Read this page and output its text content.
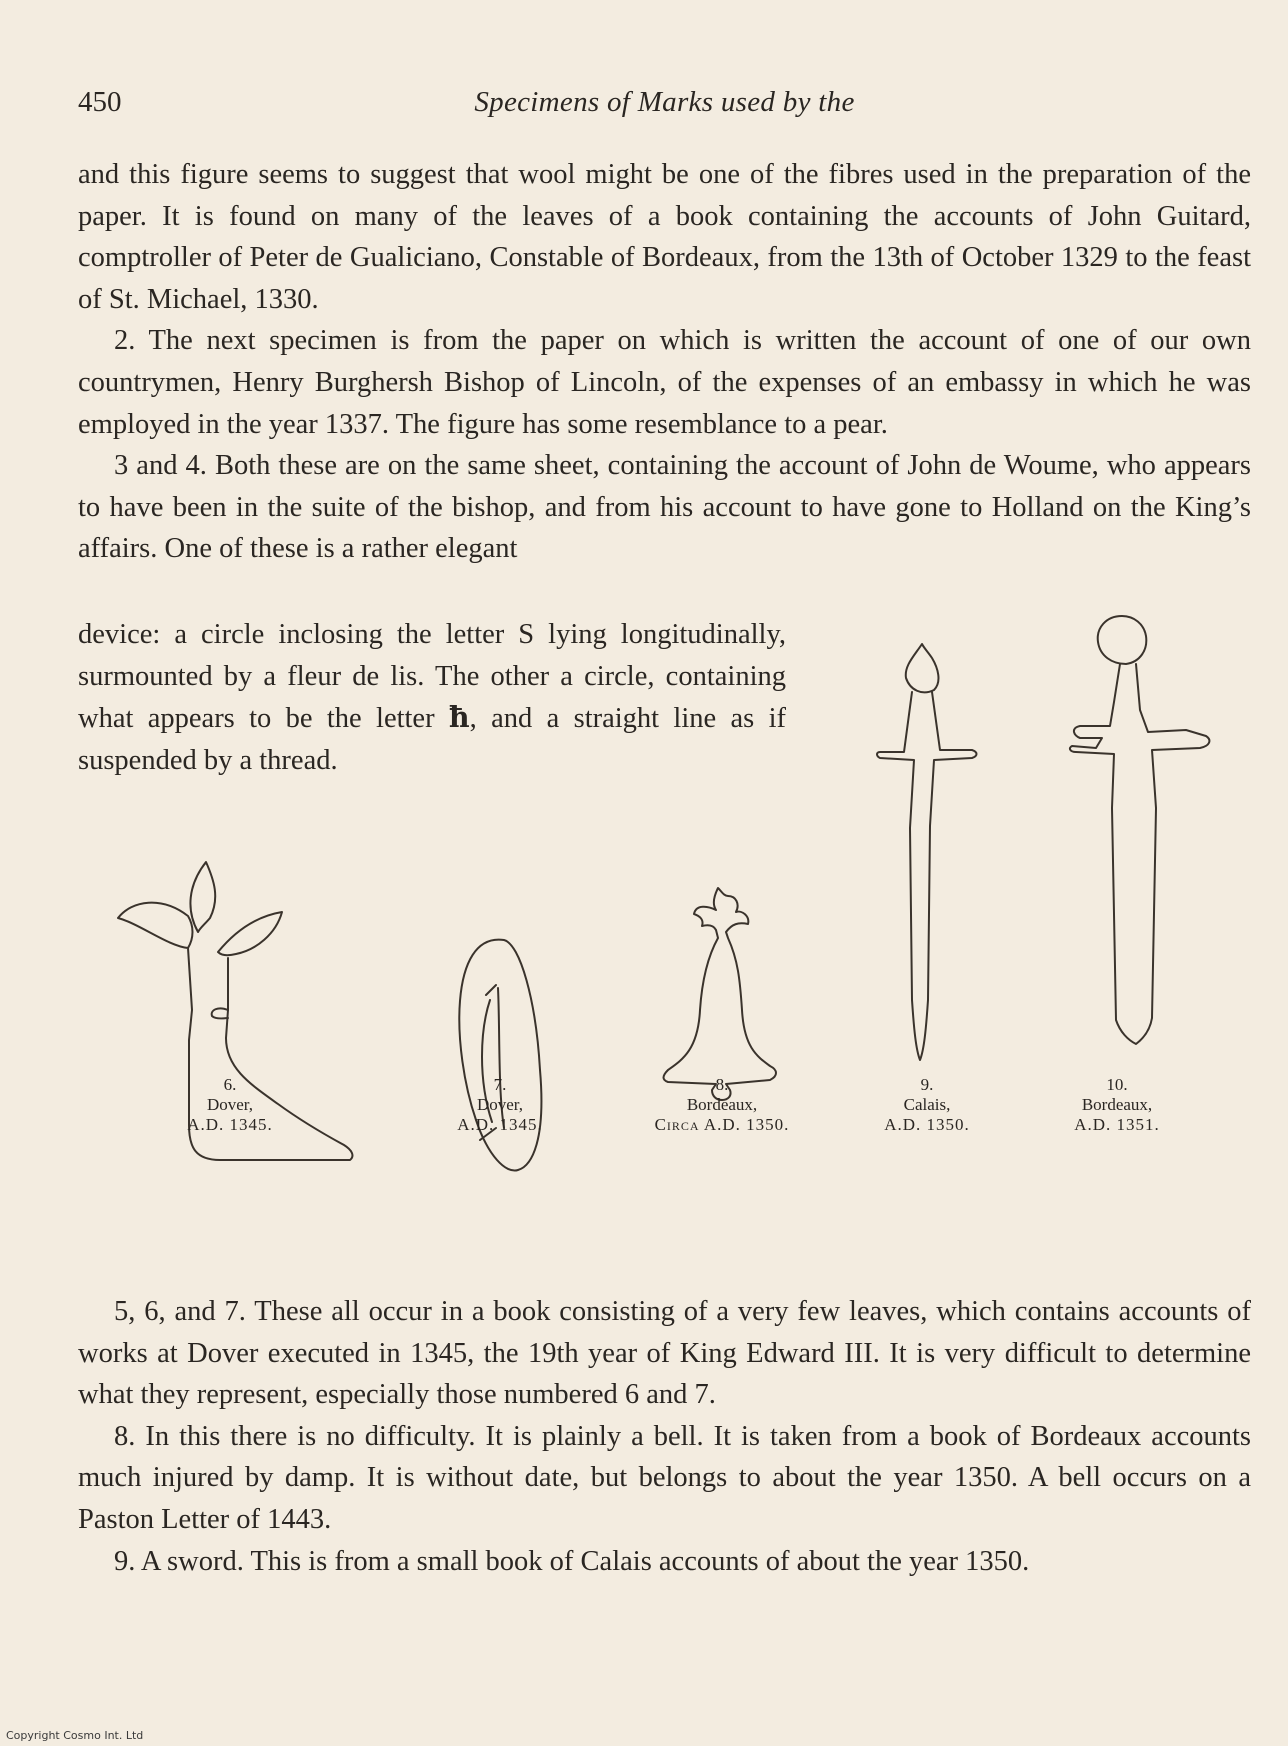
450	Specimens of Marks used by the

and this figure seems to suggest that wool might be one of the fibres used in the preparation of the paper. It is found on many of the leaves of a book containing the accounts of John Guitard, comptroller of Peter de Gualiciano, Constable of Bordeaux, from the 13th of October 1329 to the feast of St. Michael, 1330.

2. The next specimen is from the paper on which is written the account of one of our own countrymen, Henry Burghersh Bishop of Lincoln, of the expenses of an embassy in which he was employed in the year 1337. The figure has some resemblance to a pear.

3 and 4. Both these are on the same sheet, containing the account of John de Woume, who appears to have been in the suite of the bishop, and from his account to have gone to Holland on the King’s affairs. One of these is a rather elegant

device: a circle inclosing the letter S lying longitudinally, surmounted by a fleur de lis. The other a circle, containing what appears to be the letter ħ, and a straight line as if suspended by a thread.
6.
Dover,
A.D. 1345.
7.
Dover,
A.D. 1345.
8.
Bordeaux,
Circa A.D. 1350.
9.
Calais,
A.D. 1350.
10.
Bordeaux,
A.D. 1351.

5, 6, and 7. These all occur in a book consisting of a very few leaves, which contains accounts of works at Dover executed in 1345, the 19th year of King Edward III. It is very difficult to determine what they represent, especially those numbered 6 and 7.

8. In this there is no difficulty. It is plainly a bell. It is taken from a book of Bordeaux accounts much injured by damp. It is without date, but belongs to about the year 1350. A bell occurs on a Paston Letter of 1443.

9. A sword. This is from a small book of Calais accounts of about the year 1350.

Copyright Cosmo Int. Ltd
